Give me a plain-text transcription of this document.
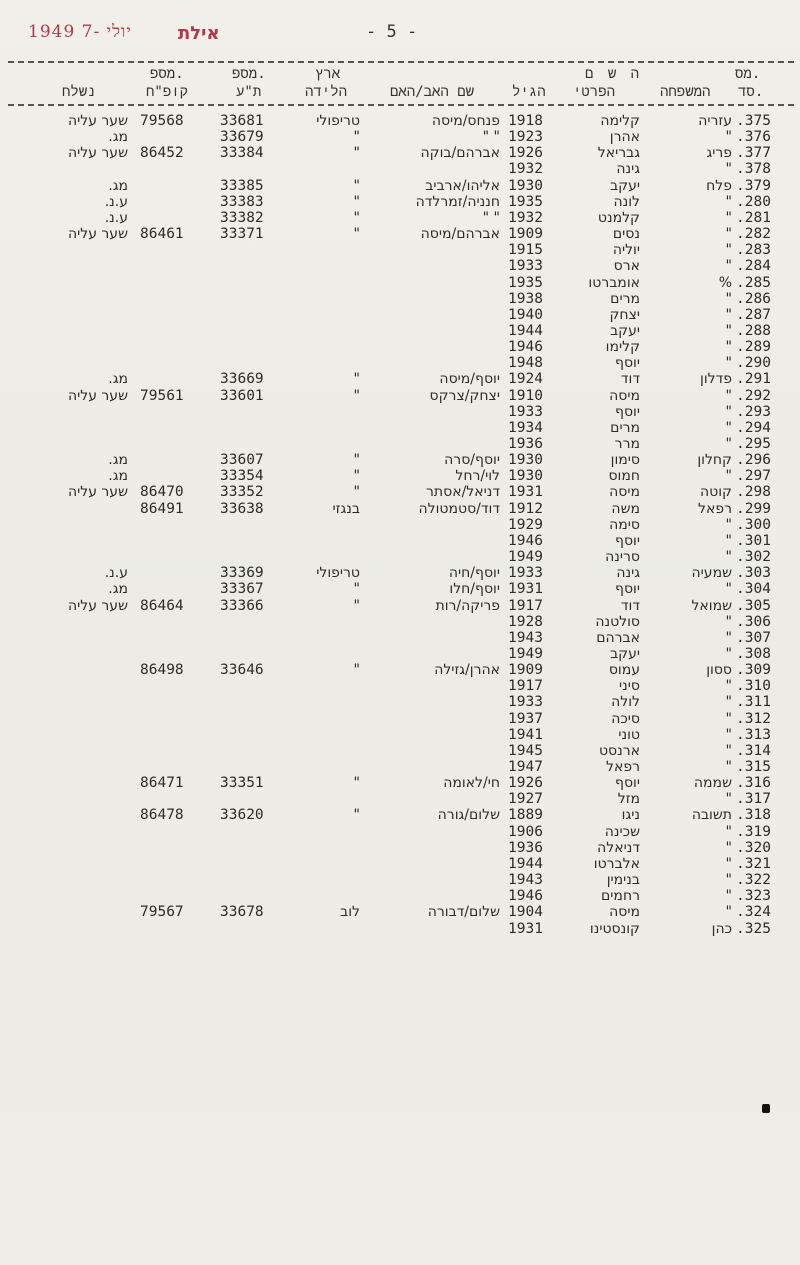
1949 יולי -7	אילת	- 5 -
מס.
סד.
ה ש ם
המשפחה
הפרטי
הגיל
שם האב/האם
ארץ
הלידה
מספ.
ת"ע
מספ.
קופ"ח
נשלח
.375
עזריה
קלימה
1918
פנחס/מיסה
טריפולי
33681
79568
שער עליה
.376
"
אהרן
1923
" "
"
33679
מג.
.377
פריג
גבריאל
1926
אברהם/בוקה
"
33384
86452
שער עליה
.378
"
גינה
1932
.379
פלח
יעקב
1930
אליהו/ארביב
"
33385
מג.
.280
"
לונה
1935
חנניה/זמרלדה
"
33383
ע.נ.
.281
"
קלמנט
1932
" "
"
33382
ע.נ.
.282
"
נסים
1909
אברהם/מיסה
"
33371
86461
שער עליה
.283
"
יוליה
1915
.284
"
ארס
1933
.285
%
אומברטו
1935
.286
"
מרים
1938
.287
"
יצחק
1940
.288
"
יעקב
1944
.289
"
קלימו
1946
.290
"
יוסף
1948
.291
פדלון
דוד
1924
יוסף/מיסה
"
33669
מג.
.292
"
מיסה
1910
יצחק/צרקס
"
33601
79561
שער עליה
.293
"
יוסף
1933
.294
"
מרים
1934
.295
"
מרר
1936
.296
קחלון
סימון
1930
יוסף/סרה
"
33607
מג.
.297
"
חמוס
1930
לוי/רחל
"
33354
מג.
.298
קוטה
מיסה
1931
דניאל/אסתר
"
33352
86470
שער עליה
.299
רפאל
משה
1912
דוד/סטמטולה
בנגזי
33638
86491
.300
"
סימה
1929
.301
"
יוסף
1946
.302
"
סרינה
1949
.303
שמעיה
גינה
1933
יוסף/חיה
טריפולי
33369
ע.נ.
.304
"
יוסף
1931
יוסף/חלו
"
33367
מג.
.305
שמואל
דוד
1917
פריקה/רות
"
33366
86464
שער עליה
.306
"
סולטנה
1928
.307
"
אברהם
1943
.308
"
יעקב
1949
.309
ססון
עמוס
1909
אהרן/גזילה
"
33646
86498
.310
"
סיני
1917
.311
"
לולה
1933
.312
"
סיכה
1937
.313
"
טוני
1941
.314
"
ארנסט
1945
.315
"
רפאל
1947
.316
שממה
יוסף
1926
חי/לאומה
"
33351
86471
.317
"
מזל
1927
.318
תשובה
ניגו
1889
שלום/גורה
"
33620
86478
.319
"
שכינה
1906
.320
"
דניאלה
1936
.321
"
אלברטו
1944
.322
"
בנימין
1943
.323
"
רחמים
1946
.324
"
מיסה
1904
שלום/דבורה
לוב
33678
79567
.325
כהן
קונסטינו
1931
